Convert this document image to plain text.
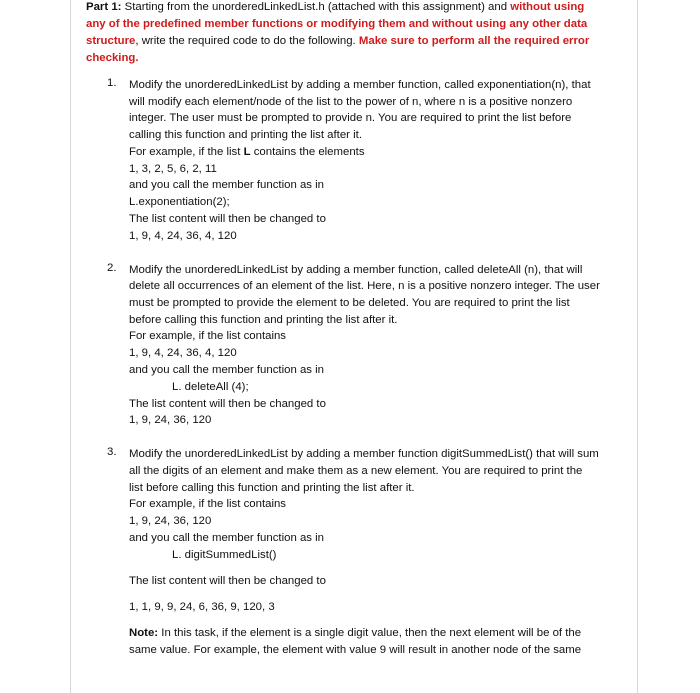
Part 1: Starting from the unorderedLinkedList.h (attached with this assignment) and without using
any of the predefined member functions or modifying them and without using any other data
structure, write the required code to do the following. Make sure to perform all the required error
checking.
1. Modify the unorderedLinkedList by adding a member function, called exponentiation(n), that
will modify each element/node of the list to the power of n, where n is a positive nonzero
integer. The user must be prompted to provide n. You are required to print the list before
calling this function and printing the list after it.
For example, if the list L contains the elements
1, 3, 2, 5, 6, 2, 11
and you call the member function as in
L.exponentiation(2);
The list content will then be changed to
1, 9, 4, 24, 36, 4, 120
2. Modify the unorderedLinkedList by adding a member function, called deleteAll (n), that will
delete all occurrences of an element of the list. Here, n is a positive nonzero integer. The user
must be prompted to provide the element to be deleted. You are required to print the list
before calling this function and printing the list after it.
For example, if the list contains
1, 9, 4, 24, 36, 4, 120
and you call the member function as in
L. deleteAll (4);
The list content will then be changed to
1, 9, 24, 36, 120
3. Modify the unorderedLinkedList by adding a member function digitSummedList() that will sum
all the digits of an element and make them as a new element. You are required to print the
list before calling this function and printing the list after it.
For example, if the list contains
1, 9, 24, 36, 120
and you call the member function as in
L. digitSummedList()
The list content will then be changed to
1, 1, 9, 9, 24, 6, 36, 9, 120, 3
Note: In this task, if the element is a single digit value, then the next element will be of the
same value. For example, the element with value 9 will result in another node of the same
